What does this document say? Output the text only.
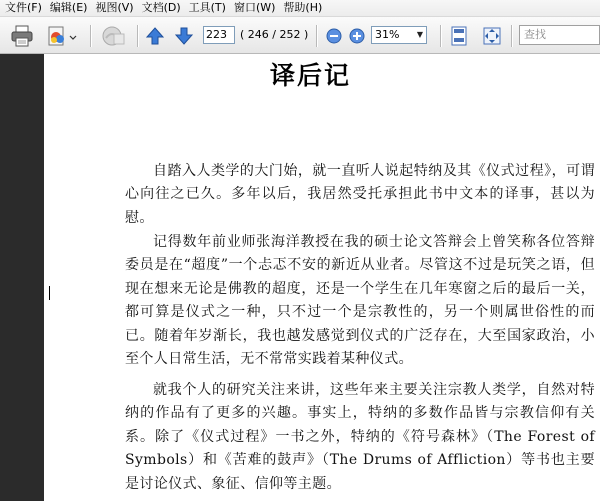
文件(F) 编辑(E) 视图(V) 文档(D) 工具(T) 窗口(W) 帮助(H)
223	( 246 / 252 )	31%	▼	查找
译后记

自踏入人类学的大门始，就一直听人说起特纳及其《仪式过程》，可谓心向往之已久。多年以后，我居然受托承担此书中文本的译事，甚以为慰。

记得数年前业师张海洋教授在我的硕士论文答辩会上曾笑称各位答辩委员是在“超度”一个忐忑不安的新近从业者。尽管这不过是玩笑之语，但现在想来无论是佛教的超度，还是一个学生在几年寒窗之后的最后一关，都可算是仪式之一种，只不过一个是宗教性的，另一个则属世俗性的而已。随着年岁渐长，我也越发感觉到仪式的广泛存在，大至国家政治，小至个人日常生活，无不常常实践着某种仪式。

就我个人的研究关注来讲，这些年来主要关注宗教人类学，自然对特纳的作品有了更多的兴趣。事实上，特纳的多数作品皆与宗教信仰有关系。除了《仪式过程》一书之外，特纳的《符号森林》（The Forest of Symbols）和《苦难的鼓声》（The Drums of Affliction）等书也主要是讨论仪式、象征、信仰等主题。
